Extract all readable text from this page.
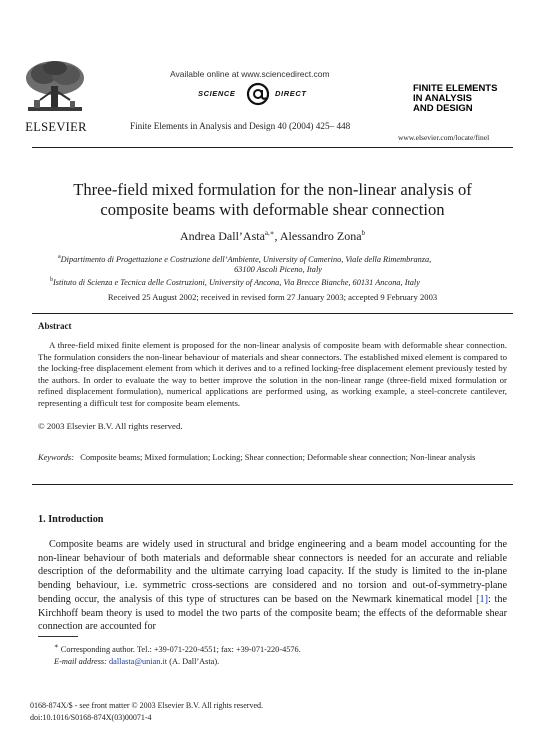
ELSEVIER
Available online at www.sciencedirect.com
SCIENCE	DIRECT
Finite Elements in Analysis and Design 40 (2004) 425– 448
FINITE ELEMENTS
IN ANALYSIS
AND DESIGN
www.elsevier.com/locate/finel
Three-field mixed formulation for the non-linear analysis of
composite beams with deformable shear connection
Andrea Dall’Asta$^{a,∗}$, Alessandro Zona$^b$
$^a$Dipartimento di Progettazione e Costruzione dell’Ambiente, University of Camerino, Viale della Rimembranza,
63100 Ascoli Piceno, Italy
$^b$Istituto di Scienza e Tecnica delle Costruzioni, University of Ancona, Via Brecce Bianche, 60131 Ancona, Italy
Received 25 August 2002; received in revised form 27 January 2003; accepted 9 February 2003
Abstract
A three-field mixed finite element is proposed for the non-linear analysis of composite beam with deformable shear connection. The formulation considers the non-linear behaviour of materials and shear connectors. The established mixed element is compared to the locking-free displacement element from which it derives and to a refined locking-free displacement element previously tested by the authors. In order to evaluate the way to better improve the solution in the non-linear range (three-field mixed formulation or refined displacement formulation), numerical applications are performed using, as working example, a steel-concrete cantilever, representing a difficult test for composite beam elements.
© 2003 Elsevier B.V. All rights reserved.
Keywords: Composite beams; Mixed formulation; Locking; Shear connection; Deformable shear connection; Non-linear analysis
1. Introduction
Composite beams are widely used in structural and bridge engineering and a beam model accounting for the non-linear behaviour of both materials and deformable shear connectors is needed for an accurate and reliable description of the deformability and the ultimate carrying load capacity. If the study is limited to the in-plane bending behaviour, i.e. symmetric cross-sections are considered and no torsion and out-of-symmetry-plane bending occur, the analysis of this type of structures can be based on the Newmark kinematical model [1]: the Kirchhoff beam theory is used to model the two parts of the composite beam; the effects of the deformable shear connection are accounted for
∗ Corresponding author. Tel.: +39-071-220-4551; fax: +39-071-220-4576.
E-mail address: dallasta@unian.it (A. Dall’Asta).
0168-874X/$ - see front matter © 2003 Elsevier B.V. All rights reserved.
doi:10.1016/S0168-874X(03)00071-4
